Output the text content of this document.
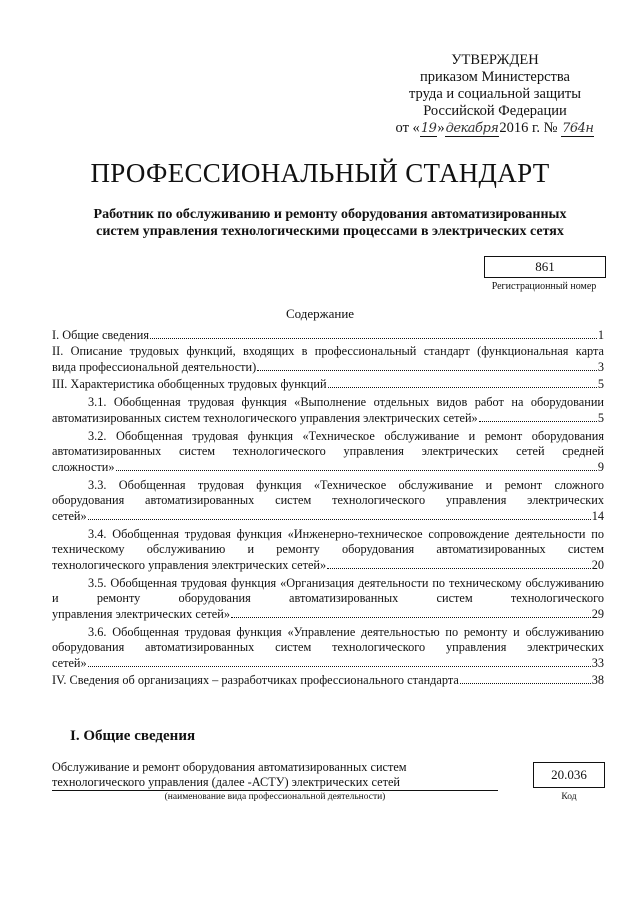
УТВЕРЖДЕН
приказом Министерства
труда и социальной защиты
Российской Федерации
от «19»декабря2016 г. № 764н
ПРОФЕССИОНАЛЬНЫЙ СТАНДАРТ
Работник по обслуживанию и ремонту оборудования автоматизированных
систем управления технологическими процессами в электрических сетях
861
Регистрационный номер
Содержание
I. Общие сведения	1
II. Описание трудовых функций, входящих в профессиональный стандарт (функциональная карта
вида профессиональной деятельности)	3
III. Характеристика обобщенных трудовых функций	5
3.1. Обобщенная трудовая функция «Выполнение отдельных видов работ на оборудовании
автоматизированных систем технологического управления электрических сетей»	5
3.2. Обобщенная трудовая функция «Техническое обслуживание и ремонт оборудования автоматизированных систем технологического управления электрических сетей средней
сложности»	9
3.3. Обобщенная трудовая функция «Техническое обслуживание и ремонт сложного оборудования автоматизированных систем технологического управления электрических
сетей»	14
3.4. Обобщенная трудовая функция «Инженерно-техническое сопровождение деятельности по техническому обслуживанию и ремонту оборудования автоматизированных систем
технологического управления электрических сетей»	20
3.5. Обобщенная трудовая функция «Организация деятельности по техническому обслуживанию и ремонту оборудования автоматизированных систем технологического
управления электрических сетей»	29
3.6. Обобщенная трудовая функция «Управление деятельностью по ремонту и обслуживанию оборудования автоматизированных систем технологического управления электрических
сетей»	33
IV. Сведения об организациях – разработчиках профессионального стандарта	38
I. Общие сведения
Обслуживание и ремонт оборудования автоматизированных систем
технологического управления (далее -АСТУ) электрических сетей
(наименование вида профессиональной деятельности)
20.036
Код
